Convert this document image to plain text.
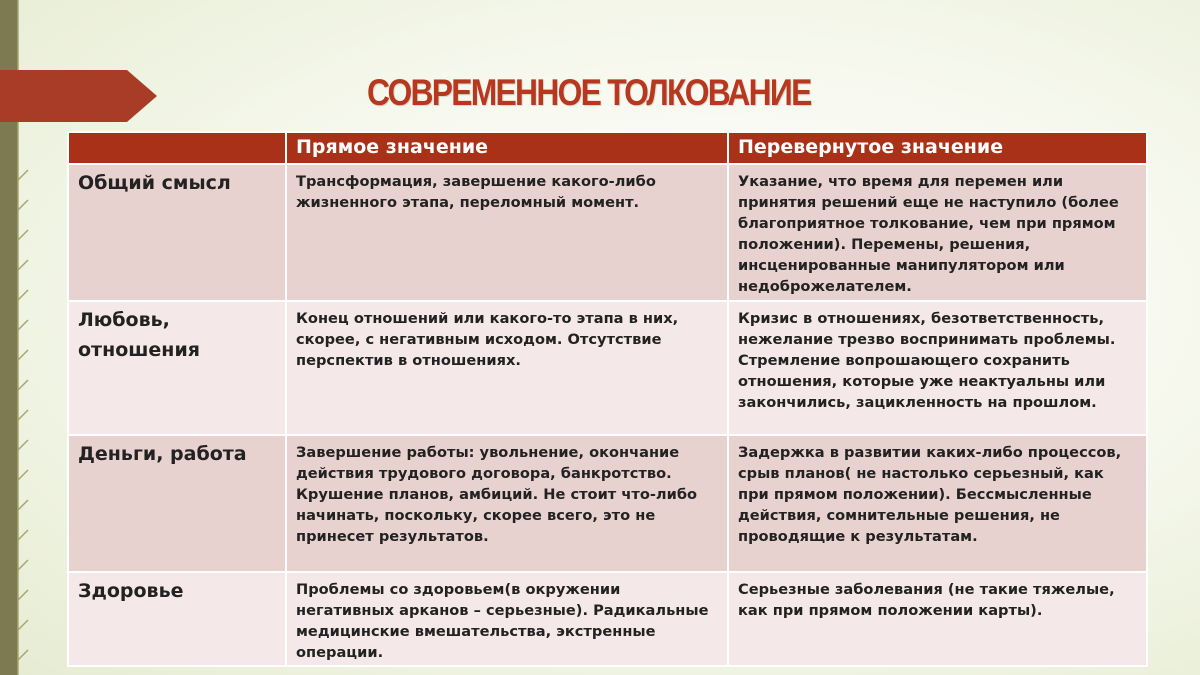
СОВРЕМЕННОЕ ТОЛКОВАНИЕ
	Прямое значение	Перевернутое значение
Общий смысл	Трансформация, завершение какого-либо жизненного этапа, переломный момент.	Указание, что время для перемен или принятия решений еще не наступило (более благоприятное толкование, чем при прямом положении). Перемены, решения, инсценированные манипулятором или недоброжелателем.
Любовь, отношения	Конец отношений или какого-то этапа в них, скорее, с негативным исходом. Отсутствие перспектив в отношениях.	Кризис в отношениях, безответственность, нежелание трезво воспринимать проблемы. Стремление вопрошающего сохранить отношения, которые уже неактуальны или закончились, зацикленность на прошлом.
Деньги, работа	Завершение работы: увольнение, окончание действия трудового договора, банкротство. Крушение планов, амбиций. Не стоит что-либо начинать, поскольку, скорее всего, это не принесет результатов.	Задержка в развитии каких-либо процессов, срыв планов( не настолько серьезный, как при прямом положении). Бессмысленные действия, сомнительные решения, не проводящие к результатам.
Здоровье	Проблемы со здоровьем(в окружении негативных арканов – серьезные). Радикальные медицинские вмешательства, экстренные операции.	Серьезные заболевания (не такие тяжелые, как при прямом положении карты).
